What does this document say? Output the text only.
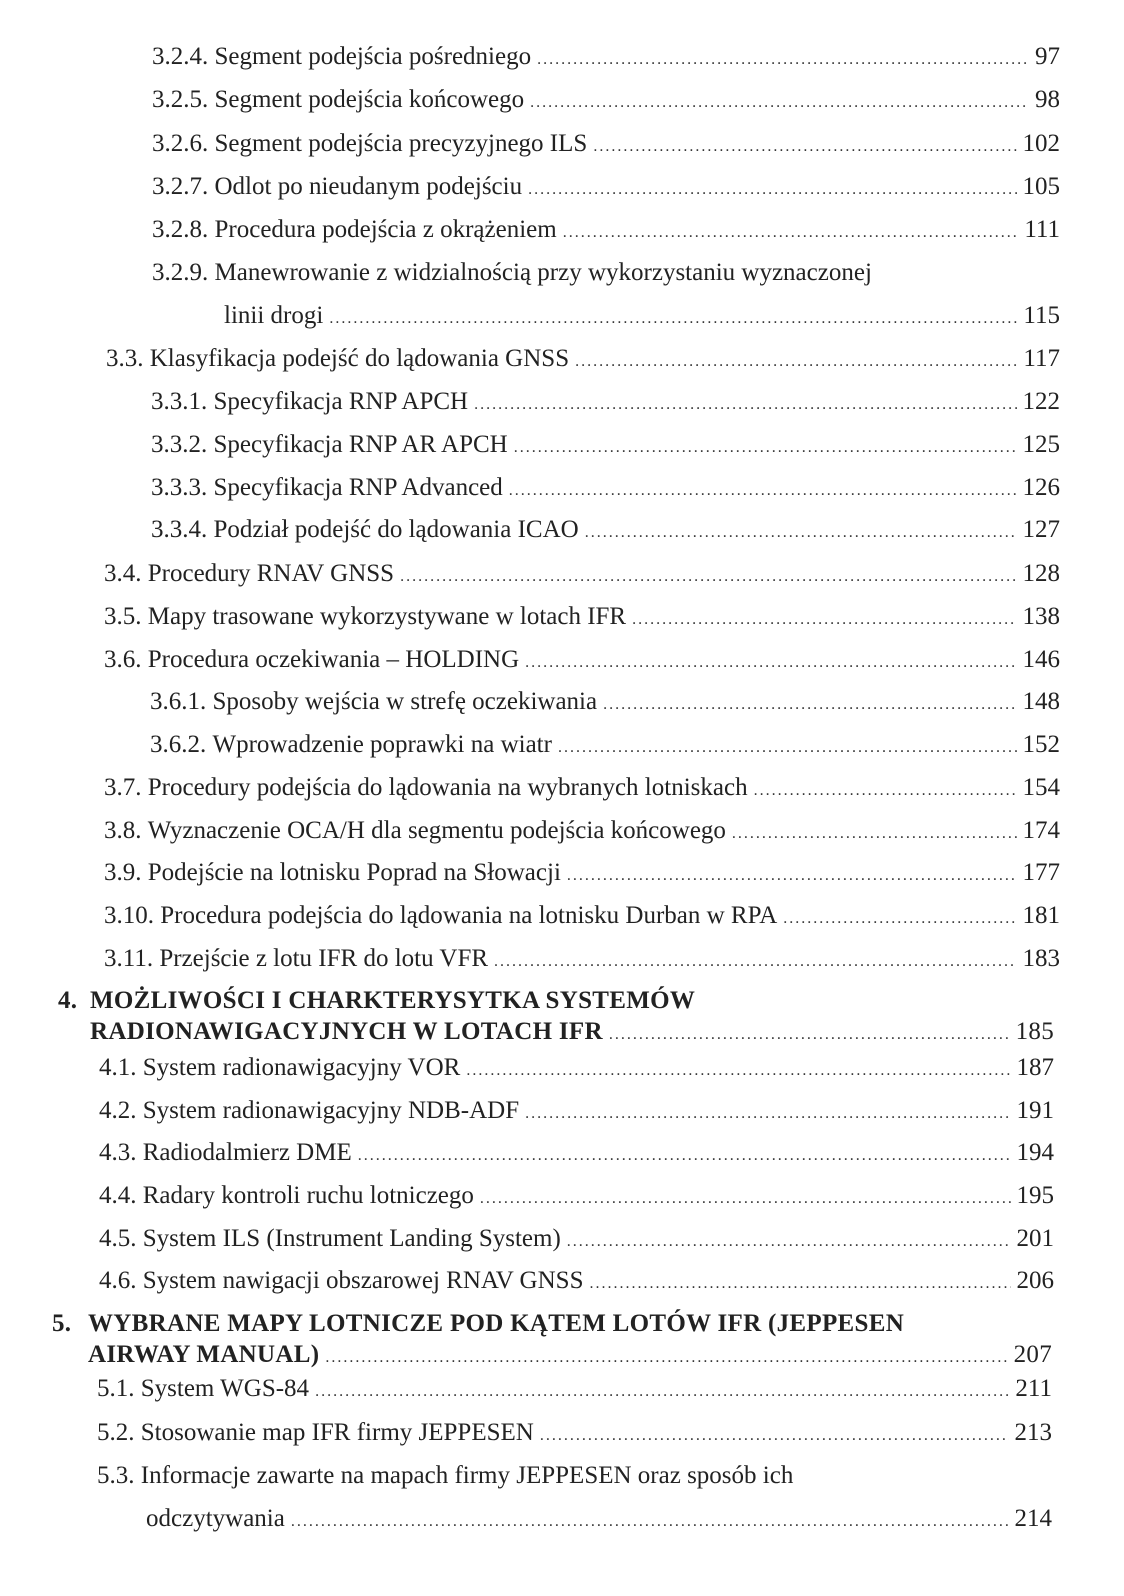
3.2.4.
Segment podejścia pośredniego .....	97
3.2.5.
Segment podejścia końcowego .....	98
3.2.6.
Segment podejścia precyzyjnego ILS .....	102
3.2.7.
Odlot po nieudanym podejściu .....	105
3.2.8.
Procedura podejścia z okrążeniem .....	111
3.2.9.
Manewrowanie z widzialnością przy wykorzystaniu wyznaczonej
linii drogi .....	115
3.3.
Klasyfikacja podejść do lądowania GNSS .....	117
3.3.1.
Specyfikacja RNP APCH .....	122
3.3.2.
Specyfikacja RNP AR APCH .....	125
3.3.3.
Specyfikacja RNP Advanced .....	126
3.3.4.
Podział podejść do lądowania ICAO .....	127
3.4.
Procedury RNAV GNSS .....	128
3.5.
Mapy trasowane wykorzystywane w lotach IFR .....	138
3.6.
Procedura oczekiwania – HOLDING .....	146
3.6.1.
Sposoby wejścia w strefę oczekiwania .....	148
3.6.2.
Wprowadzenie poprawki na wiatr .....	152
3.7.
Procedury podejścia do lądowania na wybranych lotniskach .....	154
3.8.
Wyznaczenie OCA/H dla segmentu podejścia końcowego .....	174
3.9.
Podejście na lotnisku Poprad na Słowacji .....	177
3.10.
Procedura podejścia do lądowania na lotnisku Durban w RPA .....	181
3.11.
Przejście z lotu IFR do lotu VFR .....	183
4. MOŻLIWOŚCI I CHARKTERYSYTKA SYSTEMÓW
RADIONAWIGACYJNYCH W LOTACH IFR .....	185
4.1.
System radionawigacyjny VOR .....	187
4.2.
System radionawigacyjny NDB-ADF .....	191
4.3.
Radiodalmierz DME .....	194
4.4.
Radary kontroli ruchu lotniczego .....	195
4.5.
System ILS (Instrument Landing System) .....	201
4.6.
System nawigacji obszarowej RNAV GNSS .....	206
5. WYBRANE MAPY LOTNICZE POD KĄTEM LOTÓW IFR (JEPPESEN
AIRWAY MANUAL) .....	207
5.1.
System WGS-84 .....	211
5.2.
Stosowanie map IFR firmy JEPPESEN .....	213
5.3.
Informacje zawarte na mapach firmy JEPPESEN oraz sposób ich
odczytywania .....	214
